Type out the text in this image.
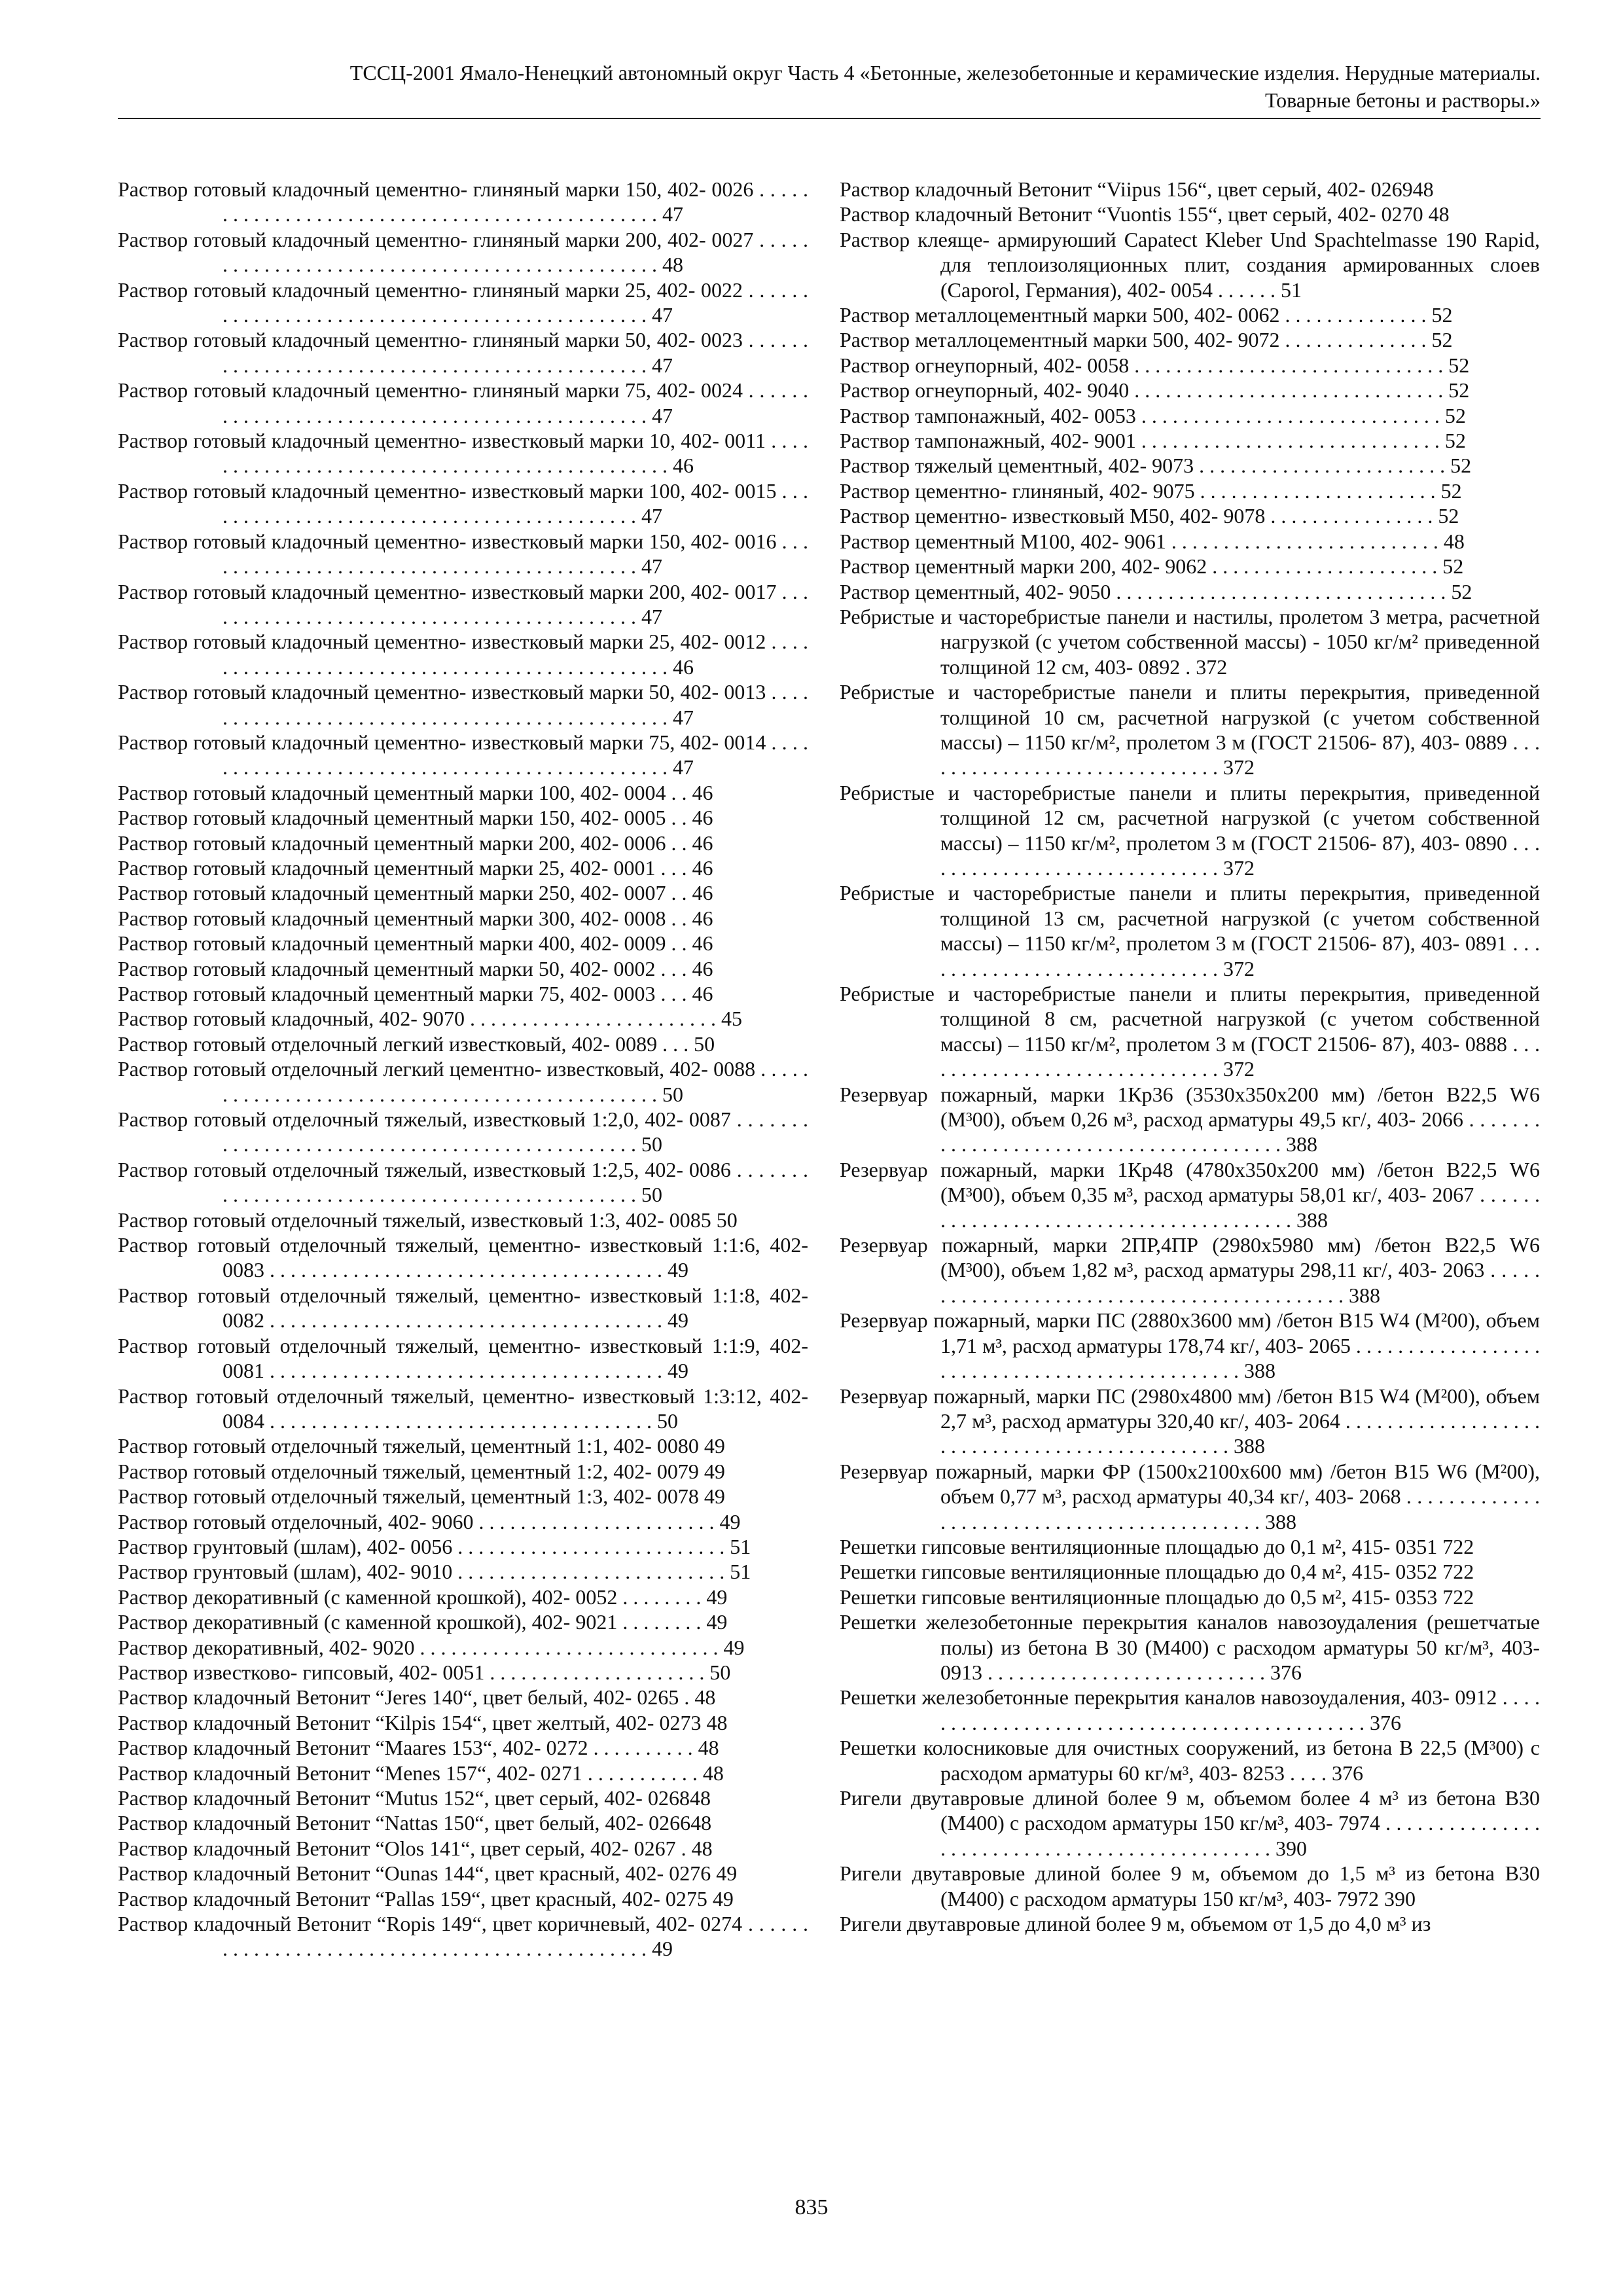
ТССЦ-2001 Ямало-Ненецкий автономный округ Часть 4 «Бетонные, железобетонные и керамические изделия. Нерудные материалы.
Товарные бетоны и растворы.»
Раствор готовый кладочный цементно- глиняный марки 150, 402- 0026 . . . . . . . . . . . . . . . . . . . . . . . . . . . . . . . . . . . . . . . . . . . . . . . 47
Раствор готовый кладочный цементно- глиняный марки 200, 402- 0027 . . . . . . . . . . . . . . . . . . . . . . . . . . . . . . . . . . . . . . . . . . . . . . . 48
Раствор готовый кладочный цементно- глиняный марки 25, 402- 0022 . . . . . . . . . . . . . . . . . . . . . . . . . . . . . . . . . . . . . . . . . . . . . . . 47
Раствор готовый кладочный цементно- глиняный марки 50, 402- 0023 . . . . . . . . . . . . . . . . . . . . . . . . . . . . . . . . . . . . . . . . . . . . . . . 47
Раствор готовый кладочный цементно- глиняный марки 75, 402- 0024 . . . . . . . . . . . . . . . . . . . . . . . . . . . . . . . . . . . . . . . . . . . . . . . 47
Раствор готовый кладочный цементно- известковый марки 10, 402- 0011 . . . . . . . . . . . . . . . . . . . . . . . . . . . . . . . . . . . . . . . . . . . . . . . 46
Раствор готовый кладочный цементно- известковый марки 100, 402- 0015 . . . . . . . . . . . . . . . . . . . . . . . . . . . . . . . . . . . . . . . . . . . 47
Раствор готовый кладочный цементно- известковый марки 150, 402- 0016 . . . . . . . . . . . . . . . . . . . . . . . . . . . . . . . . . . . . . . . . . . . 47
Раствор готовый кладочный цементно- известковый марки 200, 402- 0017 . . . . . . . . . . . . . . . . . . . . . . . . . . . . . . . . . . . . . . . . . . . 47
Раствор готовый кладочный цементно- известковый марки 25, 402- 0012 . . . . . . . . . . . . . . . . . . . . . . . . . . . . . . . . . . . . . . . . . . . . . . . 46
Раствор готовый кладочный цементно- известковый марки 50, 402- 0013 . . . . . . . . . . . . . . . . . . . . . . . . . . . . . . . . . . . . . . . . . . . . . . . 47
Раствор готовый кладочный цементно- известковый марки 75, 402- 0014 . . . . . . . . . . . . . . . . . . . . . . . . . . . . . . . . . . . . . . . . . . . . . . . 47
Раствор готовый кладочный цементный марки 100, 402- 0004 . . 46
Раствор готовый кладочный цементный марки 150, 402- 0005 . . 46
Раствор готовый кладочный цементный марки 200, 402- 0006 . . 46
Раствор готовый кладочный цементный марки 25, 402- 0001 . . . 46
Раствор готовый кладочный цементный марки 250, 402- 0007 . . 46
Раствор готовый кладочный цементный марки 300, 402- 0008 . . 46
Раствор готовый кладочный цементный марки 400, 402- 0009 . . 46
Раствор готовый кладочный цементный марки 50, 402- 0002 . . . 46
Раствор готовый кладочный цементный марки 75, 402- 0003 . . . 46
Раствор готовый кладочный, 402- 9070 . . . . . . . . . . . . . . . . . . . . . . . . 45
Раствор готовый отделочный легкий известковый, 402- 0089 . . . 50
Раствор готовый отделочный легкий цементно- известковый, 402- 0088 . . . . . . . . . . . . . . . . . . . . . . . . . . . . . . . . . . . . . . . . . . . . . . . 50
Раствор готовый отделочный тяжелый, известковый 1:2,0, 402- 0087 . . . . . . . . . . . . . . . . . . . . . . . . . . . . . . . . . . . . . . . . . . . . . . . 50
Раствор готовый отделочный тяжелый, известковый 1:2,5, 402- 0086 . . . . . . . . . . . . . . . . . . . . . . . . . . . . . . . . . . . . . . . . . . . . . . . 50
Раствор готовый отделочный тяжелый, известковый 1:3, 402- 0085 50
Раствор готовый отделочный тяжелый, цементно- известковый 1:1:6, 402- 0083 . . . . . . . . . . . . . . . . . . . . . . . . . . . . . . . . . . . . . . 49
Раствор готовый отделочный тяжелый, цементно- известковый 1:1:8, 402- 0082 . . . . . . . . . . . . . . . . . . . . . . . . . . . . . . . . . . . . . . 49
Раствор готовый отделочный тяжелый, цементно- известковый 1:1:9, 402- 0081 . . . . . . . . . . . . . . . . . . . . . . . . . . . . . . . . . . . . . . 49
Раствор готовый отделочный тяжелый, цементно- известковый 1:3:12, 402- 0084 . . . . . . . . . . . . . . . . . . . . . . . . . . . . . . . . . . . . . 50
Раствор готовый отделочный тяжелый, цементный 1:1, 402- 0080 49
Раствор готовый отделочный тяжелый, цементный 1:2, 402- 0079 49
Раствор готовый отделочный тяжелый, цементный 1:3, 402- 0078 49
Раствор готовый отделочный, 402- 9060 . . . . . . . . . . . . . . . . . . . . . . . 49
Раствор грунтовый (шлам), 402- 0056 . . . . . . . . . . . . . . . . . . . . . . . . . . 51
Раствор грунтовый (шлам), 402- 9010 . . . . . . . . . . . . . . . . . . . . . . . . . . 51
Раствор декоративный (с каменной крошкой), 402- 0052 . . . . . . . . 49
Раствор декоративный (с каменной крошкой), 402- 9021 . . . . . . . . 49
Раствор декоративный, 402- 9020 . . . . . . . . . . . . . . . . . . . . . . . . . . . . . 49
Раствор известково- гипсовый, 402- 0051 . . . . . . . . . . . . . . . . . . . . . 50
Раствор кладочный Ветонит “Jeres 140“, цвет белый, 402- 0265 . 48
Раствор кладочный Ветонит “Kilpis 154“, цвет желтый, 402- 0273 48
Раствор кладочный Ветонит “Maares 153“, 402- 0272 . . . . . . . . . . 48
Раствор кладочный Ветонит “Menes 157“, 402- 0271 . . . . . . . . . . . 48
Раствор кладочный Ветонит “Mutus 152“, цвет серый, 402- 026848
Раствор кладочный Ветонит “Nattas 150“, цвет белый, 402- 026648
Раствор кладочный Ветонит “Olos 141“, цвет серый, 402- 0267 . 48
Раствор кладочный Ветонит “Ounas 144“, цвет красный, 402- 0276 49
Раствор кладочный Ветонит “Pallas 159“, цвет красный, 402- 0275 49
Раствор кладочный Ветонит “Ropis 149“, цвет коричневый, 402- 0274 . . . . . . . . . . . . . . . . . . . . . . . . . . . . . . . . . . . . . . . . . . . . . . . 49
Раствор кладочный Ветонит “Viipus 156“, цвет серый, 402- 026948
Раствор кладочный Ветонит “Vuontis 155“, цвет серый, 402- 0270 48
Раствор клеяще- армируюший Capatect Kleber Und Spachtelmasse 190 Rapid, для теплоизоляционных плит, создания армированных слоев (Caporol, Германия), 402- 0054 . . . . . . 51
Раствор металлоцементный марки 500, 402- 0062 . . . . . . . . . . . . . . 52
Раствор металлоцементный марки 500, 402- 9072 . . . . . . . . . . . . . . 52
Раствор огнеупорный, 402- 0058 . . . . . . . . . . . . . . . . . . . . . . . . . . . . . . 52
Раствор огнеупорный, 402- 9040 . . . . . . . . . . . . . . . . . . . . . . . . . . . . . . 52
Раствор тампонажный, 402- 0053 . . . . . . . . . . . . . . . . . . . . . . . . . . . . . 52
Раствор тампонажный, 402- 9001 . . . . . . . . . . . . . . . . . . . . . . . . . . . . . 52
Раствор тяжелый цементный, 402- 9073 . . . . . . . . . . . . . . . . . . . . . . . . 52
Раствор цементно- глиняный, 402- 9075 . . . . . . . . . . . . . . . . . . . . . . . 52
Раствор цементно- известковый М50, 402- 9078 . . . . . . . . . . . . . . . . 52
Раствор цементный М100, 402- 9061 . . . . . . . . . . . . . . . . . . . . . . . . . . 48
Раствор цементный марки 200, 402- 9062 . . . . . . . . . . . . . . . . . . . . . . 52
Раствор цементный, 402- 9050 . . . . . . . . . . . . . . . . . . . . . . . . . . . . . . . . 52
Ребристые и часторебристые панели и настилы, пролетом 3 метра, расчетной нагрузкой (с учетом собственной массы) - 1050 кг/м² приведенной толщиной 12 см, 403- 0892 . 372
Ребристые и часторебристые панели и плиты перекрытия, приведенной толщиной 10 см, расчетной нагрузкой (с учетом собственной массы) – 1150 кг/м², пролетом 3 м (ГОСТ 21506- 87), 403- 0889 . . . . . . . . . . . . . . . . . . . . . . . . . . . . . . 372
Ребристые и часторебристые панели и плиты перекрытия, приведенной толщиной 12 см, расчетной нагрузкой (с учетом собственной массы) – 1150 кг/м², пролетом 3 м (ГОСТ 21506- 87), 403- 0890 . . . . . . . . . . . . . . . . . . . . . . . . . . . . . . 372
Ребристые и часторебристые панели и плиты перекрытия, приведенной толщиной 13 см, расчетной нагрузкой (с учетом собственной массы) – 1150 кг/м², пролетом 3 м (ГОСТ 21506- 87), 403- 0891 . . . . . . . . . . . . . . . . . . . . . . . . . . . . . . 372
Ребристые и часторебристые панели и плиты перекрытия, приведенной толщиной 8 см, расчетной нагрузкой (с учетом собственной массы) – 1150 кг/м², пролетом 3 м (ГОСТ 21506- 87), 403- 0888 . . . . . . . . . . . . . . . . . . . . . . . . . . . . . . 372
Резервуар пожарный, марки 1Кр36 (3530х350х200 мм) /бетон В22,5 W6 (М³00), объем 0,26 м³, расход арматуры 49,5 кг/, 403- 2066 . . . . . . . . . . . . . . . . . . . . . . . . . . . . . . . . . . . . . . . . 388
Резервуар пожарный, марки 1Кр48 (4780х350х200 мм) /бетон В22,5 W6 (М³00), объем 0,35 м³, расход арматуры 58,01 кг/, 403- 2067 . . . . . . . . . . . . . . . . . . . . . . . . . . . . . . . . . . . . . . . . 388
Резервуар пожарный, марки 2ПР,4ПР (2980х5980 мм) /бетон В22,5 W6 (М³00), объем 1,82 м³, расход арматуры 298,11 кг/, 403- 2063 . . . . . . . . . . . . . . . . . . . . . . . . . . . . . . . . . . . . . . . . . . . . 388
Резервуар пожарный, марки ПС (2880х3600 мм) /бетон В15 W4 (М²00), объем 1,71 м³, расход арматуры 178,74 кг/, 403- 2065 . . . . . . . . . . . . . . . . . . . . . . . . . . . . . . . . . . . . . . . . . . . . . . . 388
Резервуар пожарный, марки ПС (2980х4800 мм) /бетон В15 W4 (М²00), объем 2,7 м³, расход арматуры 320,40 кг/, 403- 2064 . . . . . . . . . . . . . . . . . . . . . . . . . . . . . . . . . . . . . . . . . . . . . . . 388
Резервуар пожарный, марки ФР (1500х2100х600 мм) /бетон В15 W6 (М²00), объем 0,77 м³, расход арматуры 40,34 кг/, 403- 2068 . . . . . . . . . . . . . . . . . . . . . . . . . . . . . . . . . . . . . . . . . . . . 388
Решетки гипсовые вентиляционные площадью до 0,1 м², 415- 0351 722
Решетки гипсовые вентиляционные площадью до 0,4 м², 415- 0352 722
Решетки гипсовые вентиляционные площадью до 0,5 м², 415- 0353 722
Решетки железобетонные перекрытия каналов навозоудаления (решетчатые полы) из бетона В 30 (М400) с расходом арматуры 50 кг/м³, 403- 0913 . . . . . . . . . . . . . . . . . . . . . . . . . . . 376
Решетки железобетонные перекрытия каналов навозоудаления, 403- 0912 . . . . . . . . . . . . . . . . . . . . . . . . . . . . . . . . . . . . . . . . . . . . . 376
Решетки колосниковые для очистных сооружений, из бетона В 22,5 (М³00) с расходом арматуры 60 кг/м³, 403- 8253 . . . . 376
Ригели двутавровые длиной более 9 м, объемом более 4 м³ из бетона В30 (М400) с расходом арматуры 150 кг/м³, 403- 7974 . . . . . . . . . . . . . . . . . . . . . . . . . . . . . . . . . . . . . . . . . . . . . . . 390
Ригели двутавровые длиной более 9 м, объемом до 1,5 м³ из бетона В30 (М400) с расходом арматуры 150 кг/м³, 403- 7972 390
Ригели двутавровые длиной более 9 м, объемом от 1,5 до 4,0 м³ из
835
